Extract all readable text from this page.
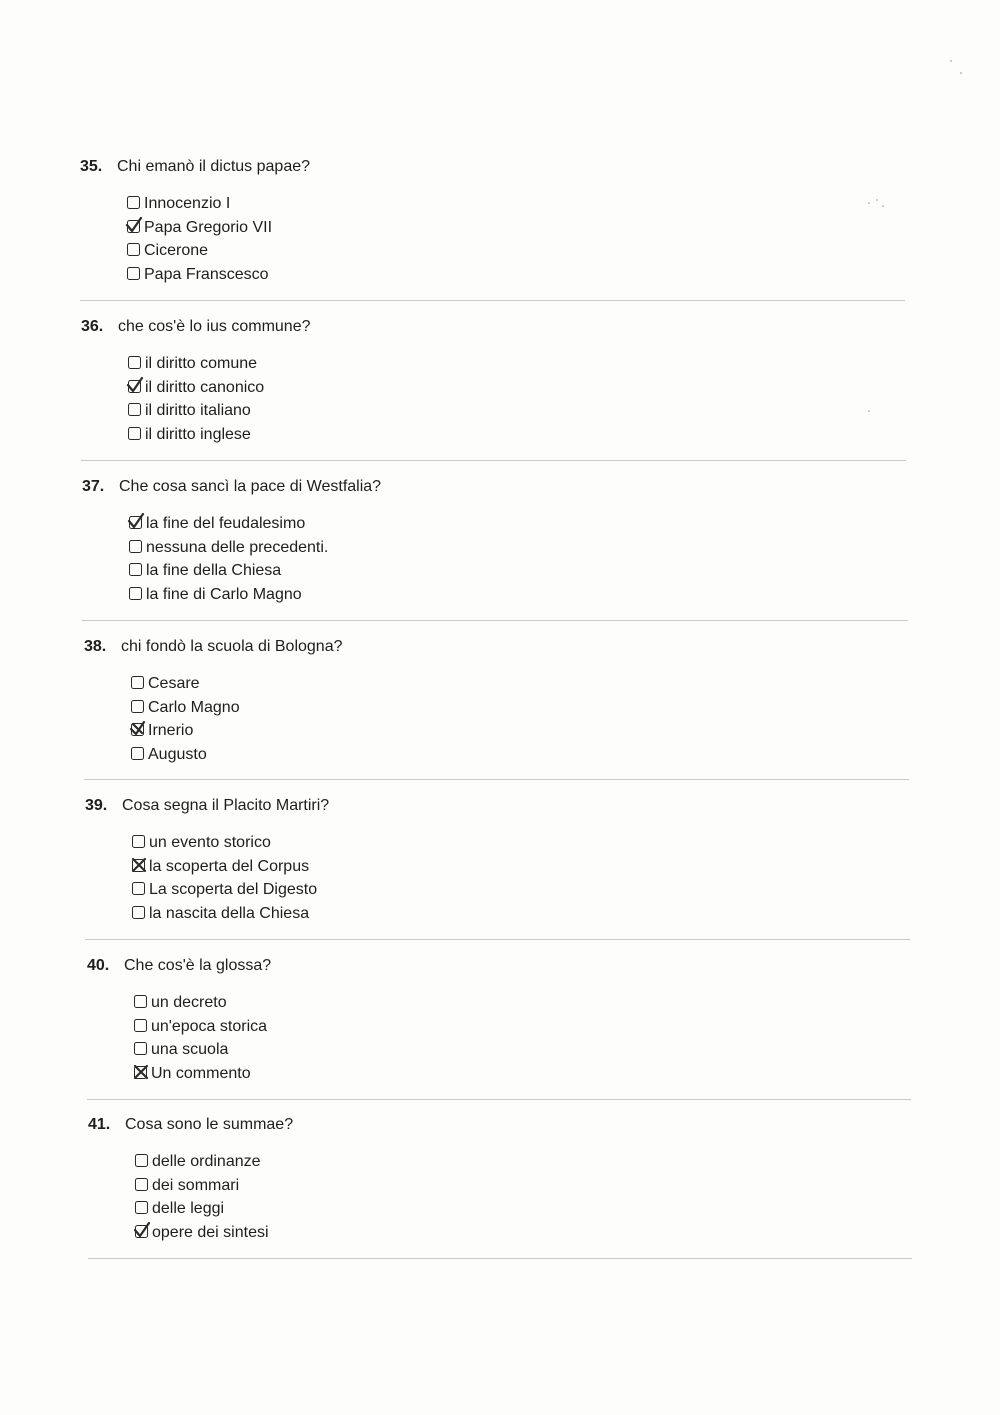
35. Chi emanò il dictus papae?
Innocenzio I
Papa Gregorio VII
Cicerone
Papa Franscesco
36. che cos'è lo ius commune?
il diritto comune
il diritto canonico
il diritto italiano
il diritto inglese
37. Che cosa sancì la pace di Westfalia?
la fine del feudalesimo
nessuna delle precedenti.
la fine della Chiesa
la fine di Carlo Magno
38. chi fondò la scuola di Bologna?
Cesare
Carlo Magno
Irnerio
Augusto
39. Cosa segna il Placito Martiri?
un evento storico
la scoperta del Corpus
La scoperta del Digesto
la nascita della Chiesa
40. Che cos'è la glossa?
un decreto
un'epoca storica
una scuola
Un commento
41. Cosa sono le summae?
delle ordinanze
dei sommari
delle leggi
opere dei sintesi
